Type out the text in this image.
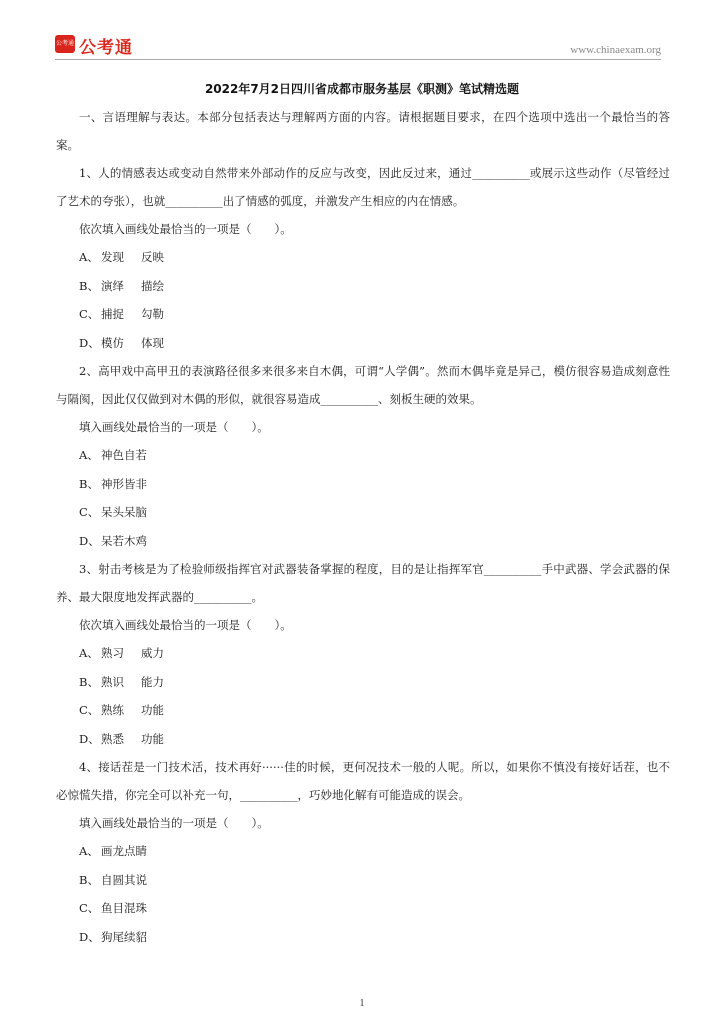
公考通 公考通	www.chinaexam.org
2022年7月2日四川省成都市服务基层《职测》笔试精选题

一、言语理解与表达。本部分包括表达与理解两方面的内容。请根据题目要求，在四个选项中选出一个最恰当的答案。

1、人的情感表达或变动自然带来外部动作的反应与改变，因此反过来，通过__________或展示这些动作（尽管经过了艺术的夸张），也就__________出了情感的弧度，并激发产生相应的内在情感。

依次填入画线处最恰当的一项是（　　）。

A、 发现 反映

B、 演绎 描绘

C、 捕捉 勾勒

D、模仿 体现

2、高甲戏中高甲丑的表演路径很多来很多来自木偶，可谓“人学偶”。然而木偶毕竟是异己，模仿很容易造成刻意性与隔阂，因此仅仅做到对木偶的形似，就很容易造成__________、刻板生硬的效果。

填入画线处最恰当的一项是（　　）。

A、 神色自若

B、 神形皆非

C、 呆头呆脑

D、呆若木鸡

3、射击考核是为了检验师级指挥官对武器装备掌握的程度，目的是让指挥军官__________手中武器、学会武器的保养、最大限度地发挥武器的__________。

依次填入画线处最恰当的一项是（　　）。

A、 熟习 威力

B、 熟识 能力

C、 熟练 功能

D、熟悉 功能

4、接话茬是一门技术活，技术再好······佳的时候，更何况技术一般的人呢。所以，如果你不慎没有接好话茬，也不必惊慌失措，你完全可以补充一句，__________，巧妙地化解有可能造成的误会。

填入画线处最恰当的一项是（　　）。

A、 画龙点睛

B、 自圆其说

C、 鱼目混珠

D、狗尾续貂

1
